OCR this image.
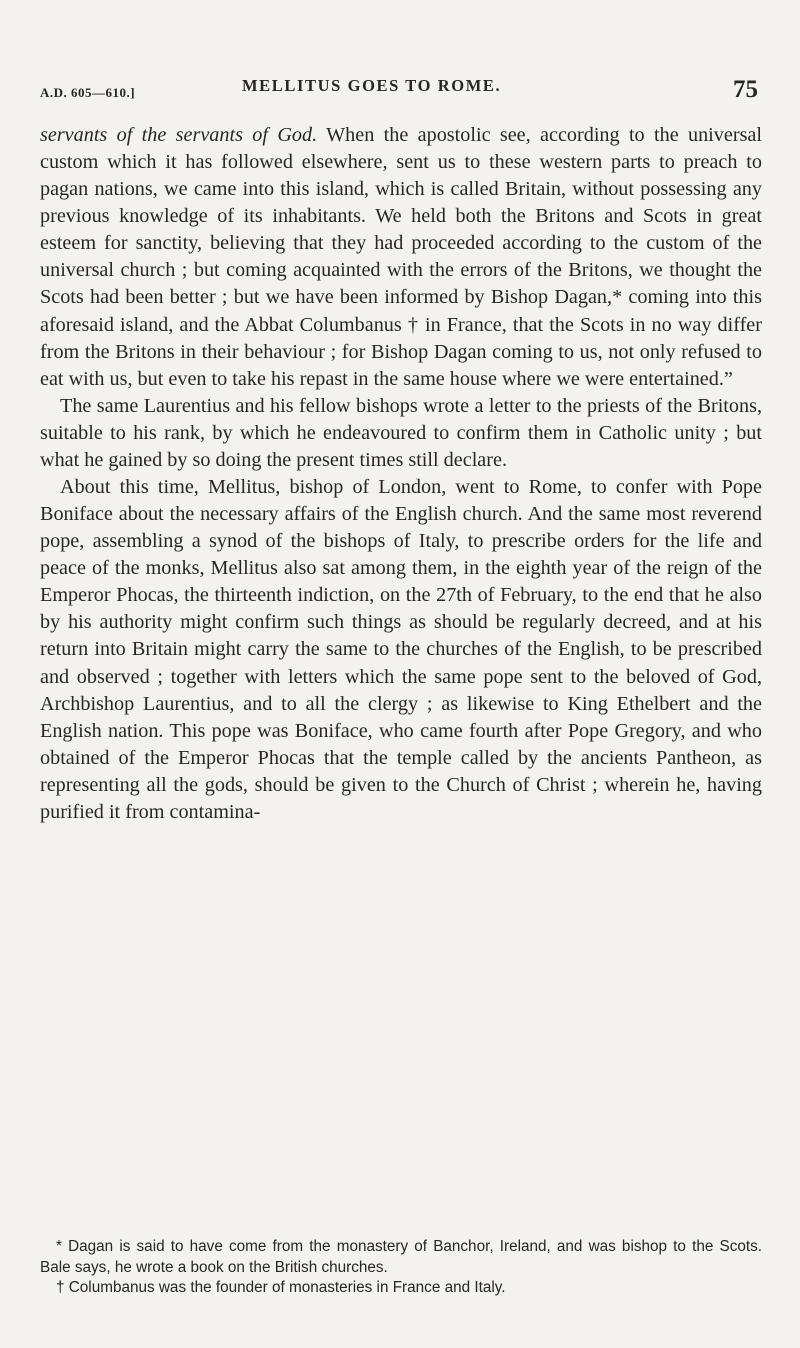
A.D. 605—610.]	MELLITUS GOES TO ROME.	75

servants of the servants of God. When the apostolic see, according to the universal custom which it has followed elsewhere, sent us to these western parts to preach to pagan nations, we came into this island, which is called Britain, without possessing any previous knowledge of its inhabitants. We held both the Britons and Scots in great esteem for sanctity, believing that they had proceeded according to the custom of the universal church ; but coming acquainted with the errors of the Britons, we thought the Scots had been better ; but we have been informed by Bishop Dagan,* coming into this aforesaid island, and the Abbat Columbanus † in France, that the Scots in no way differ from the Britons in their behaviour ; for Bishop Dagan coming to us, not only refused to eat with us, but even to take his repast in the same house where we were entertained.”

The same Laurentius and his fellow bishops wrote a letter to the priests of the Britons, suitable to his rank, by which he endeavoured to confirm them in Catholic unity ; but what he gained by so doing the present times still declare.

About this time, Mellitus, bishop of London, went to Rome, to confer with Pope Boniface about the necessary affairs of the English church. And the same most reverend pope, assembling a synod of the bishops of Italy, to prescribe orders for the life and peace of the monks, Mellitus also sat among them, in the eighth year of the reign of the Emperor Phocas, the thirteenth indiction, on the 27th of February, to the end that he also by his authority might confirm such things as should be regularly decreed, and at his return into Britain might carry the same to the churches of the English, to be prescribed and observed ; together with letters which the same pope sent to the beloved of God, Archbishop Laurentius, and to all the clergy ; as likewise to King Ethelbert and the English nation. This pope was Boniface, who came fourth after Pope Gregory, and who obtained of the Emperor Phocas that the temple called by the ancients Pantheon, as representing all the gods, should be given to the Church of Christ ; wherein he, having purified it from contamina-

* Dagan is said to have come from the monastery of Banchor, Ireland, and was bishop to the Scots. Bale says, he wrote a book on the British churches.

† Columbanus was the founder of monasteries in France and Italy.
